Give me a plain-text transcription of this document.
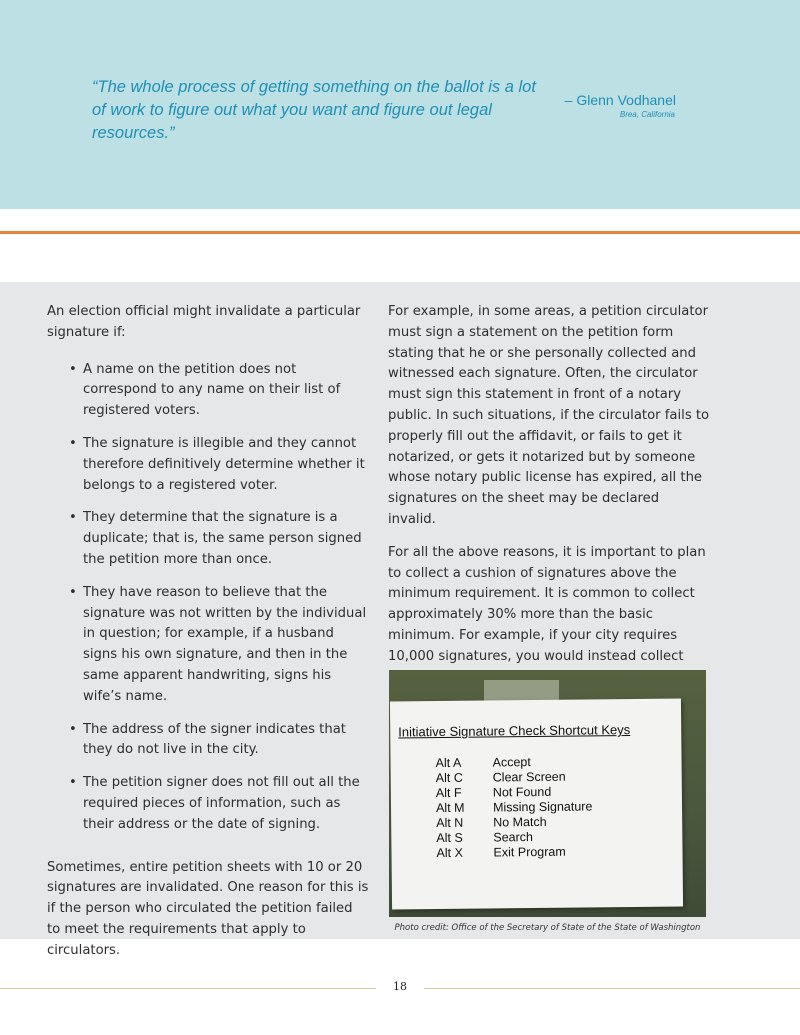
“The whole process of getting something on the ballot is a lot of work to figure out what you want and figure out legal resources.”
– Glenn Vodhanel
Brea, California

An election official might invalidate a particular signature if:

• A name on the petition does not correspond to any name on their list of registered voters.
• The signature is illegible and they cannot therefore definitively determine whether it belongs to a registered voter.
• They determine that the signature is a duplicate; that is, the same person signed the petition more than once.
• They have reason to believe that the signature was not written by the individual in question; for example, if a husband signs his own signature, and then in the same apparent handwriting, signs his wife’s name.
• The address of the signer indicates that they do not live in the city.
• The petition signer does not fill out all the required pieces of information, such as their address or the date of signing.

Sometimes, entire petition sheets with 10 or 20 signatures are invalidated. One reason for this is if the person who circulated the petition failed to meet the requirements that apply to circulators.

For example, in some areas, a petition circulator must sign a statement on the petition form stating that he or she personally collected and witnessed each signature. Often, the circulator must sign this statement in front of a notary public. In such situations, if the circulator fails to properly fill out the affidavit, or fails to get it notarized, or gets it notarized but by someone whose notary public license has expired, all the signatures on the sheet may be declared invalid.

For all the above reasons, it is important to plan to collect a cushion of signatures above the minimum requirement. It is common to collect approximately 30% more than the basic minimum. For example, if your city requires 10,000 signatures, you would instead collect

Initiative Signature Check Shortcut Keys
Alt A Accept
Alt C Clear Screen
Alt F Not Found
Alt M Missing Signature
Alt N No Match
Alt S Search
Alt X Exit Program
Photo credit: Office of the Secretary of State of the State of Washington
18
